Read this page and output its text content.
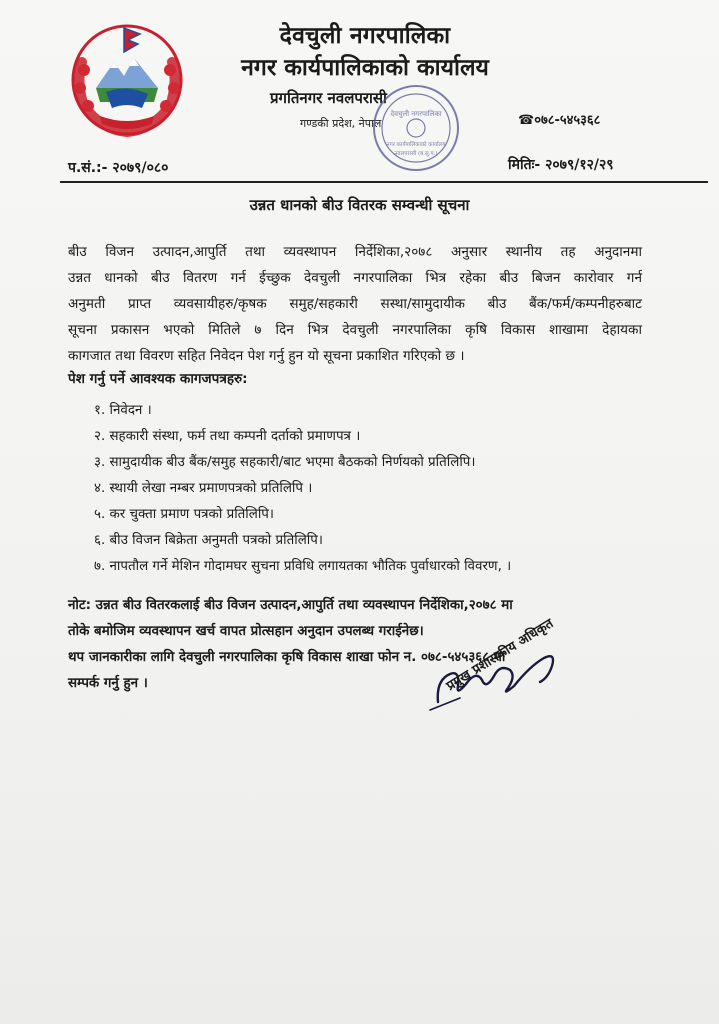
देवचुली नगरपालिका
नगर कार्यपालिकाको कार्यालय
प्रगतिनगर नवलपरासी
गण्डकी प्रदेश, नेपाल	☎०७८-५४५३६८
देवचुली नगरपालिका
नगर कार्यपालिकाको कार्यालय
नवलपरासी (ब.सु.प.)
प.सं.:- २०७९/०८०	मितिः- २०७९/१२/२९
उन्नत धानको बीउ वितरक सम्वन्धी सूचना
बीउ विजन उत्पादन,आपुर्ति तथा व्यवस्थापन निर्देशिका,२०७८ अनुसार स्थानीय तह अनुदानमा
उन्नत धानको बीउ वितरण गर्न ईच्छुक देवचुली नगरपालिका भित्र रहेका बीउ बिजन कारोवार गर्न
अनुमती प्राप्त व्यवसायीहरु/कृषक समुह/सहकारी सस्था/सामुदायीक बीउ बैंक/फर्म/कम्पनीहरुबाट
सूचना प्रकासन भएको मितिले ७ दिन भित्र देवचुली नगरपालिका कृषि विकास शाखामा देहायका
कागजात तथा विवरण सहित निवेदन पेश गर्नु हुन यो सूचना प्रकाशित गरिएको छ ।
पेश गर्नु पर्ने आवश्यक कागजपत्रहरु:
१. निवेदन ।
२. सहकारी संस्था, फर्म तथा कम्पनी दर्ताको प्रमाणपत्र ।
३. सामुदायीक बीउ बैंक/समुह सहकारी/बाट भएमा बैठकको निर्णयको प्रतिलिपि।
४. स्थायी लेखा नम्बर प्रमाणपत्रको प्रतिलिपि ।
५. कर चुक्ता प्रमाण पत्रको प्रतिलिपि।
६. बीउ विजन बिक्रेता अनुमती पत्रको प्रतिलिपि।
७. नापतौल गर्ने मेशिन गोदामघर सुचना प्रविधि लगायतका भौतिक पुर्वाधारको विवरण, ।
नोट: उन्नत बीउ वितरकलाई बीउ विजन उत्पादन,आपुर्ति तथा व्यवस्थापन निर्देशिका,२०७८ मा
तोके बमोजिम व्यवस्थापन खर्च वापत प्रोत्सहान अनुदान उपलब्ध गराईनेछ।
थप जानकारीका लागि देवचुली नगरपालिका कृषि विकास शाखा फोन न. ०७८-५४५३६८ मा
सम्पर्क गर्नु हुन ।	प्रमुख प्रशासकीय अधिकृत
